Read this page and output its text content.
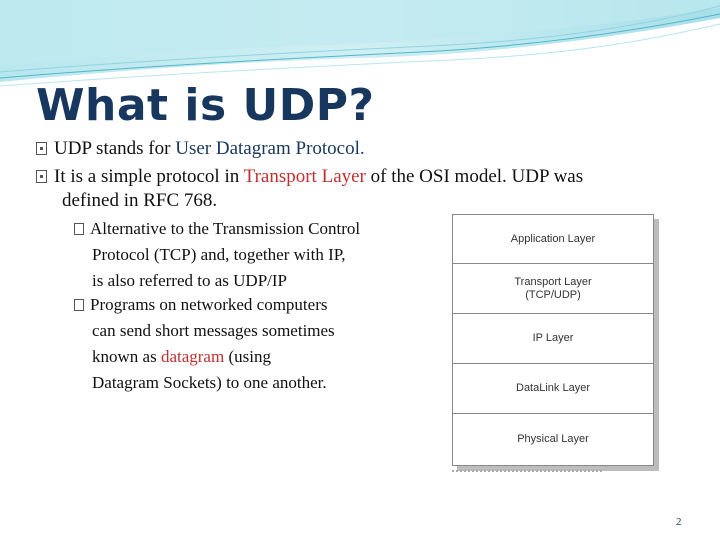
What is UDP?
UDP stands for User Datagram Protocol.
It is a simple protocol in Transport Layer of the OSI model. UDP was
defined in RFC 768.
Alternative to the Transmission Control
Protocol (TCP) and, together with IP,
is also referred to as UDP/IP
Programs on networked computers
can send short messages sometimes
known as datagram (using
Datagram Sockets) to one another.
Application Layer
Transport Layer
(TCP/UDP)
IP Layer
DataLink Layer
Physical Layer
2
